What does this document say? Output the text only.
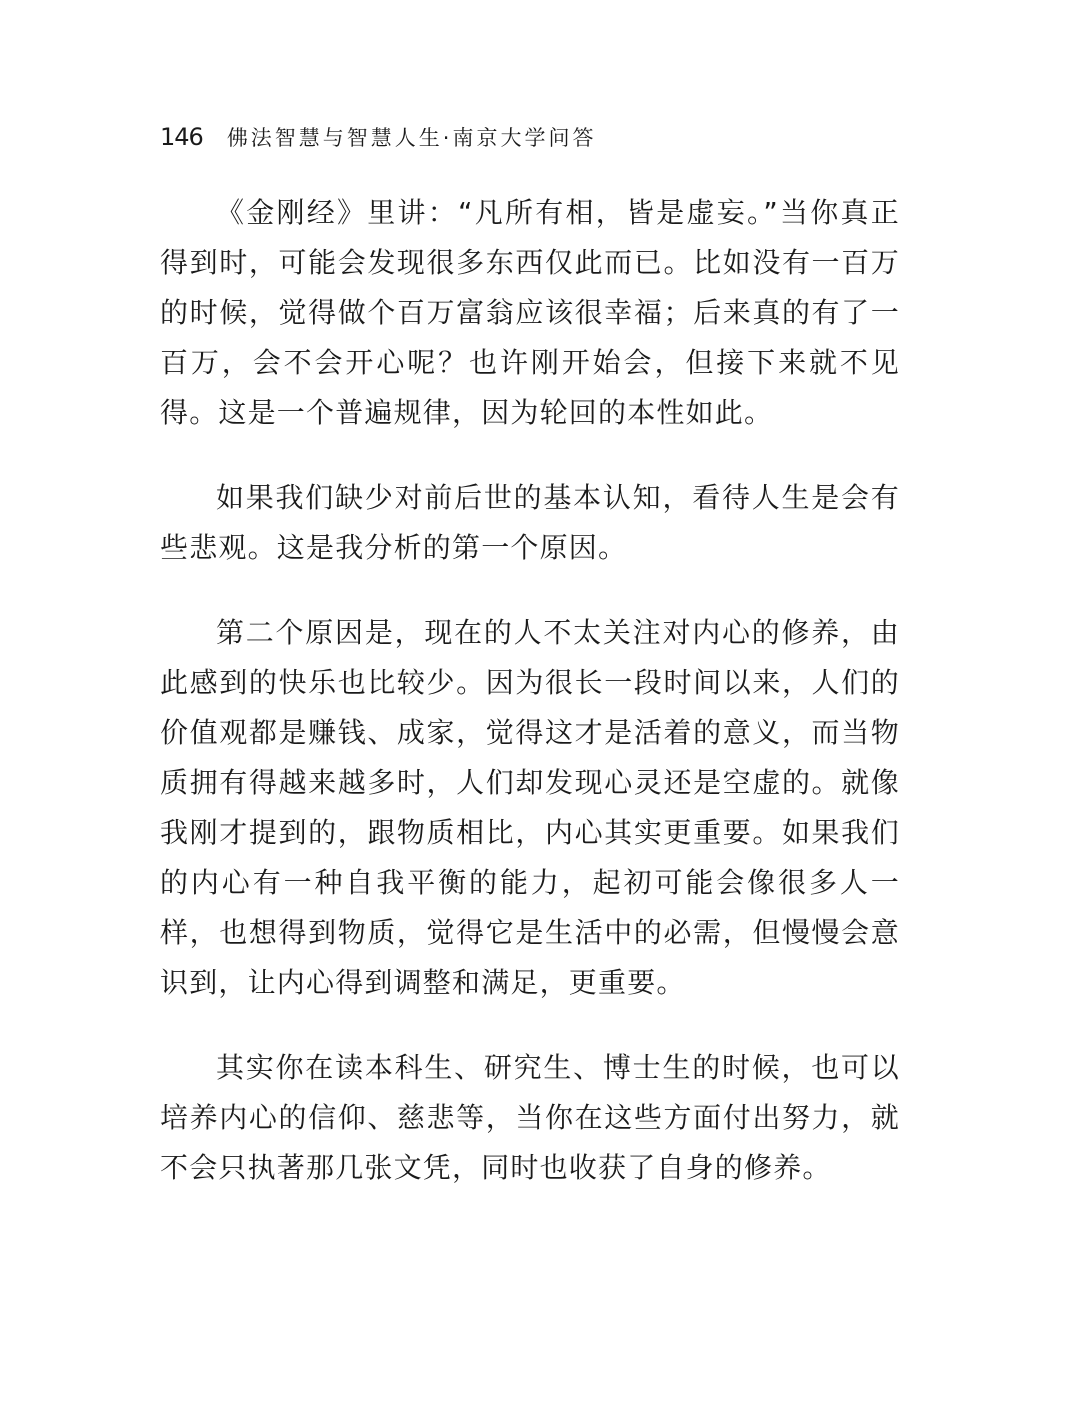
146 佛法智慧与智慧人生·南京大学问答

《金刚经》里讲：“凡所有相，皆是虚妄。”当你真正得到时，可能会发现很多东西仅此而已。比如没有一百万的时候，觉得做个百万富翁应该很幸福；后来真的有了一百万，会不会开心呢？也许刚开始会，但接下来就不见得。这是一个普遍规律，因为轮回的本性如此。

如果我们缺少对前后世的基本认知，看待人生是会有些悲观。这是我分析的第一个原因。

第二个原因是，现在的人不太关注对内心的修养，由此感到的快乐也比较少。因为很长一段时间以来，人们的价值观都是赚钱、成家，觉得这才是活着的意义，而当物质拥有得越来越多时，人们却发现心灵还是空虚的。就像我刚才提到的，跟物质相比，内心其实更重要。如果我们的内心有一种自我平衡的能力，起初可能会像很多人一样，也想得到物质，觉得它是生活中的必需，但慢慢会意识到，让内心得到调整和满足，更重要。

其实你在读本科生、研究生、博士生的时候，也可以培养内心的信仰、慈悲等，当你在这些方面付出努力，就不会只执著那几张文凭，同时也收获了自身的修养。
